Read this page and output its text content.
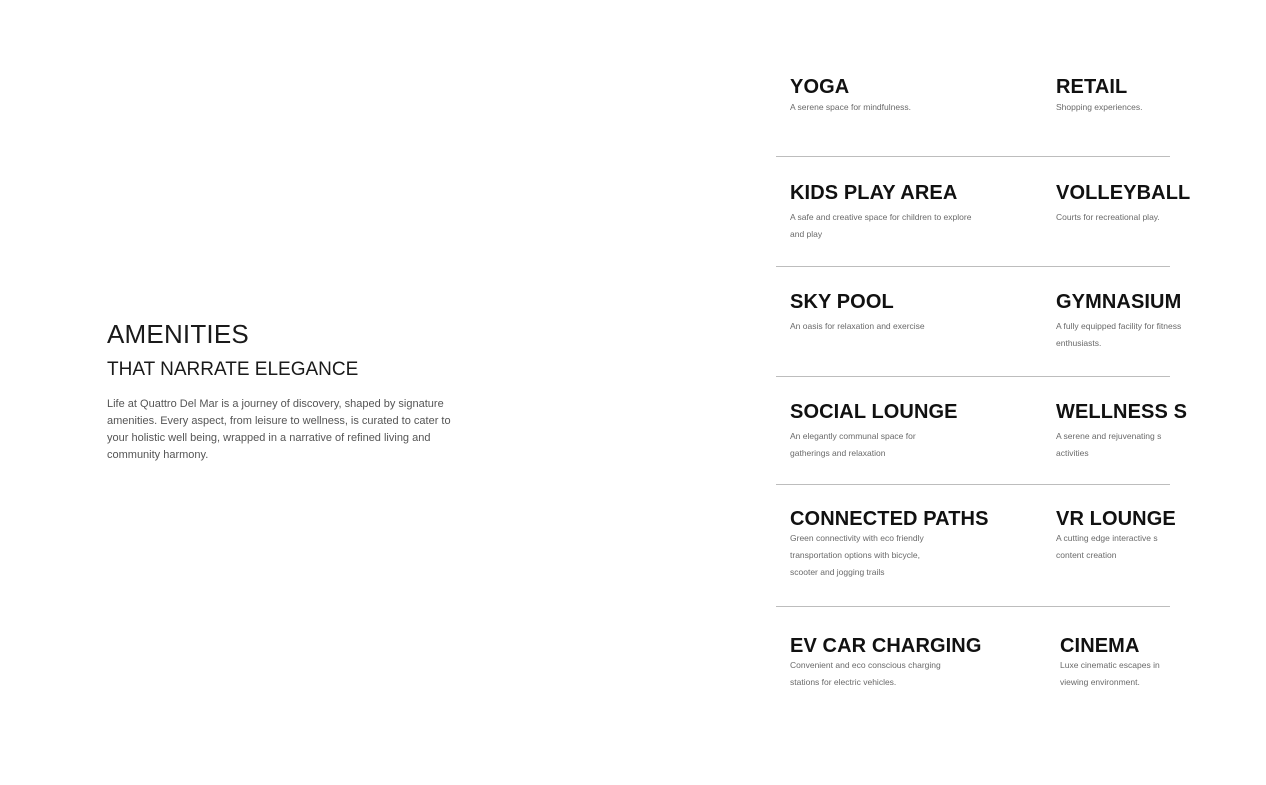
AMENITIES
THAT NARRATE ELEGANCE

Life at Quattro Del Mar is a journey of discovery, shaped by signature amenities. Every aspect, from leisure to wellness, is curated to cater to your holistic well being, wrapped in a narrative of refined living and community harmony.

YOGA

A serene space for mindfulness.

RETAIL

Shopping experiences.

KIDS PLAY AREA

A safe and creative space for children to explore and play

VOLLEYBALL

Courts for recreational play.

SKY POOL

An oasis for relaxation and exercise

GYMNASIUM

A fully equipped facility for fitness enthusiasts.

SOCIAL LOUNGE

An elegantly communal space for gatherings and relaxation

WELLNESS S

A serene and rejuvenating s activities

CONNECTED PATHS

Green connectivity with eco friendly transportation options with bicycle, scooter and jogging trails

VR LOUNGE

A cutting edge interactive s content creation

EV CAR CHARGING

Convenient and eco conscious charging stations for electric vehicles.

CINEMA

Luxe cinematic escapes in viewing environment.
